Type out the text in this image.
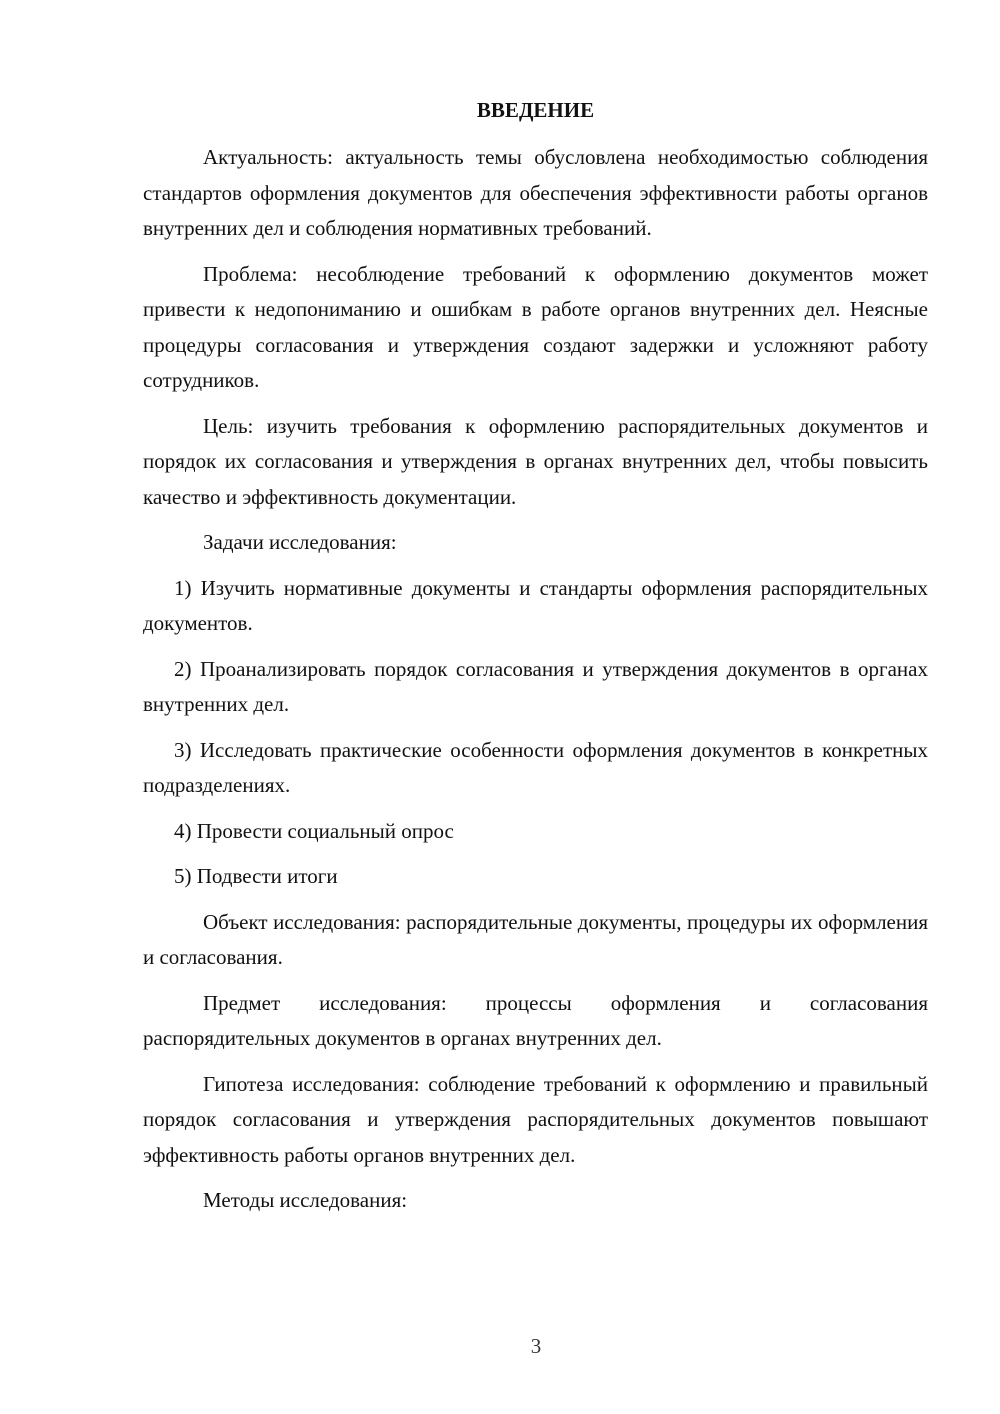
ВВЕДЕНИЕ

Актуальность: актуальность темы обусловлена необходимостью соблюдения стандартов оформления документов для обеспечения эффективности работы органов внутренних дел и соблюдения нормативных требований.

Проблема: несоблюдение требований к оформлению документов может привести к недопониманию и ошибкам в работе органов внутренних дел. Неясные процедуры согласования и утверждения создают задержки и усложняют работу сотрудников.

Цель: изучить требования к оформлению распорядительных документов и порядок их согласования и утверждения в органах внутренних дел, чтобы повысить качество и эффективность документации.

Задачи исследования:

1) Изучить нормативные документы и стандарты оформления распорядительных документов.

2) Проанализировать порядок согласования и утверждения документов в органах внутренних дел.

3) Исследовать практические особенности оформления документов в конкретных подразделениях.

4) Провести социальный опрос

5) Подвести итоги

Объект исследования: распорядительные документы, процедуры их оформления и согласования.

Предмет исследования: процессы оформления и согласования распорядительных документов в органах внутренних дел.

Гипотеза исследования: соблюдение требований к оформлению и правильный порядок согласования и утверждения распорядительных документов повышают эффективность работы органов внутренних дел.

Методы исследования:

3
